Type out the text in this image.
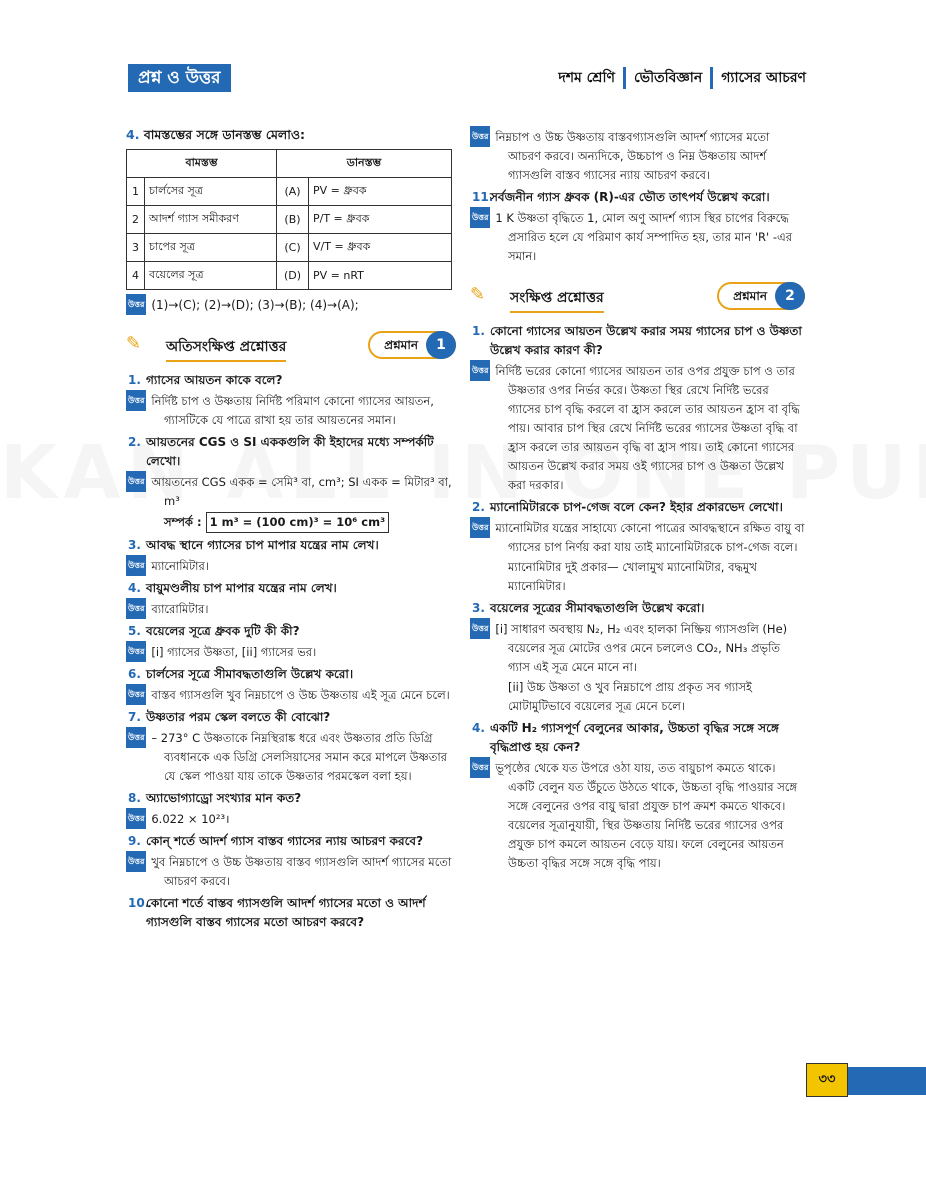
প্রশ্ন ও উত্তর	দশম শ্রেণি ভৌতবিজ্ঞান গ্যাসের আচরণ
4. বামস্তম্ভের সঙ্গে ডানস্তম্ভ মেলাও:
বামস্তম্ভ		ডানস্তম্ভ	
1	চার্লসের সূত্র	(A)	PV = ধ্রুবক
2	আদর্শ গ্যাস সমীকরণ	(B)	P/T = ধ্রুবক
3	চাপের সূত্র	(C)	V/T = ধ্রুবক
4	বয়েলের সূত্র	(D)	PV = nRT
উত্তর (1)→(C); (2)→(D); (3)→(B); (4)→(A);
✎ অতিসংক্ষিপ্ত প্রশ্নোত্তর	প্রশ্নমান	1
1. গ্যাসের আয়তন কাকে বলে?
উত্তর নির্দিষ্ট চাপ ও উষ্ণতায় নির্দিষ্ট পরিমাণ কোনো গ্যাসের আয়তন, গ্যাসটিকে যে পাত্রে রাখা হয় তার আয়তনের সমান।
2. আয়তনের CGS ও SI এককগুলি কী ইহাদের মধ্যে সম্পর্কটি লেখো।
উত্তর আয়তনের CGS একক = সেমি³ বা, cm³; SI একক = মিটার³ বা, m³
সম্পর্ক : 1 m³ = (100 cm)³ = 10⁶ cm³
3. আবদ্ধ স্থানে গ্যাসের চাপ মাপার যন্ত্রের নাম লেখ।
উত্তর ম্যানোমিটার।
4. বায়ুমণ্ডলীয় চাপ মাপার যন্ত্রের নাম লেখ।
উত্তর ব্যারোমিটার।
5. বয়েলের সূত্রে ধ্রুবক দুটি কী কী?
উত্তর [i] গ্যাসের উষ্ণতা, [ii] গ্যাসের ভর।
6. চার্লসের সূত্রে সীমাবদ্ধতাগুলি উল্লেখ করো।
উত্তর বাস্তব গ্যাসগুলি খুব নিম্নচাপে ও উচ্চ উষ্ণতায় এই সূত্র মেনে চলে।
7. উষ্ণতার পরম স্কেল বলতে কী বোঝো?
উত্তর – 273° C উষ্ণতাকে নিম্নস্থিরাঙ্ক ধরে এবং উষ্ণতার প্রতি ডিগ্রি ব্যবধানকে এক ডিগ্রি সেলসিয়াসের সমান করে মাপলে উষ্ণতার যে স্কেল পাওয়া যায় তাকে উষ্ণতার পরমস্কেল বলা হয়।
8. অ্যাভোগ্যাড্রো সংখ্যার মান কত?
উত্তর 6.022 × 10²³।
9. কোন্ শর্তে আদর্শ গ্যাস বাস্তব গ্যাসের ন্যায় আচরণ করবে?
উত্তর খুব নিম্নচাপে ও উচ্চ উষ্ণতায় বাস্তব গ্যাসগুলি আদর্শ গ্যাসের মতো আচরণ করবে।
10.কোনো শর্তে বাস্তব গ্যাসগুলি আদর্শ গ্যাসের মতো ও আদর্শ গ্যাসগুলি বাস্তব গ্যাসের মতো আচরণ করবে?
উত্তর নিম্নচাপ ও উচ্চ উষ্ণতায় বাস্তবগ্যাসগুলি আদর্শ গ্যাসের মতো আচরণ করবে। অন্যদিকে, উচ্চচাপ ও নিম্ন উষ্ণতায় আদর্শ গ্যাসগুলি বাস্তব গ্যাসের ন্যায় আচরণ করবে।
11.সর্বজনীন গ্যাস ধ্রুবক (R)-এর ভৌত তাৎপর্য উল্লেখ করো।
উত্তর 1 K উষ্ণতা বৃদ্ধিতে 1, মোল অণু আদর্শ গ্যাস স্থির চাপের বিরুদ্ধে প্রসারিত হলে যে পরিমাণ কার্য সম্পাদিত হয়, তার মান 'R' -এর সমান।
✎ সংক্ষিপ্ত প্রশ্নোত্তর	প্রশ্নমান	2
1. কোনো গ্যাসের আয়তন উল্লেখ করার সময় গ্যাসের চাপ ও উষ্ণতা উল্লেখ করার কারণ কী?
উত্তর নির্দিষ্ট ভরের কোনো গ্যাসের আয়তন তার ওপর প্রযুক্ত চাপ ও তার উষ্ণতার ওপর নির্ভর করে। উষ্ণতা স্থির রেখে নির্দিষ্ট ভরের গ্যাসের চাপ বৃদ্ধি করলে বা হ্রাস করলে তার আয়তন হ্রাস বা বৃদ্ধি পায়। আবার চাপ স্থির রেখে নির্দিষ্ট ভরের গ্যাসের উষ্ণতা বৃদ্ধি বা হ্রাস করলে তার আয়তন বৃদ্ধি বা হ্রাস পায়। তাই কোনো গ্যাসের আয়তন উল্লেখ করার সময় ওই গ্যাসের চাপ ও উষ্ণতা উল্লেখ করা দরকার।
2. ম্যানোমিটারকে চাপ-গেজ বলে কেন? ইহার প্রকারভেদ লেখো।
উত্তর ম্যানোমিটার যন্ত্রের সাহায্যে কোনো পাত্রের আবদ্ধস্থানে রক্ষিত বায়ু বা গ্যাসের চাপ নির্ণয় করা যায় তাই ম্যানোমিটারকে চাপ-গেজ বলে।
ম্যানোমিটার দুই প্রকার— খোলামুখ ম্যানোমিটার, বদ্ধমুখ ম্যানোমিটার।
3. বয়েলের সূত্রের সীমাবদ্ধতাগুলি উল্লেখ করো।
উত্তর [i] সাধারণ অবস্থায় N₂, H₂ এবং হালকা নিষ্ক্রিয় গ্যাসগুলি (He) বয়েলের সূত্র মোটের ওপর মেনে চললেও CO₂, NH₃ প্রভৃতি গ্যাস এই সূত্র মেনে মানে না।
[ii] উচ্চ উষ্ণতা ও খুব নিম্নচাপে প্রায় প্রকৃত সব গ্যাসই মোটামুটিভাবে বয়েলের সূত্র মেনে চলে।
4. একটি H₂ গ্যাসপূর্ণ বেলুনের আকার, উচ্চতা বৃদ্ধির সঙ্গে সঙ্গে বৃদ্ধিপ্রাপ্ত হয় কেন?
উত্তর ভূপৃষ্ঠের থেকে যত উপরে ওঠা যায়, তত বায়ুচাপ কমতে থাকে। একটি বেলুন যত উঁচুতে উঠতে থাকে, উচ্চতা বৃদ্ধি পাওয়ার সঙ্গে সঙ্গে বেলুনের ওপর বায়ু দ্বারা প্রযুক্ত চাপ ক্রমশ কমতে থাকবে। বয়েলের সূত্রানুযায়ী, স্থির উষ্ণতায় নির্দিষ্ট ভরের গ্যাসের ওপর প্রযুক্ত চাপ কমলে আয়তন বেড়ে যায়। ফলে বেলুনের আয়তন উচ্চতা বৃদ্ধির সঙ্গে সঙ্গে বৃদ্ধি পায়।
৩৩
